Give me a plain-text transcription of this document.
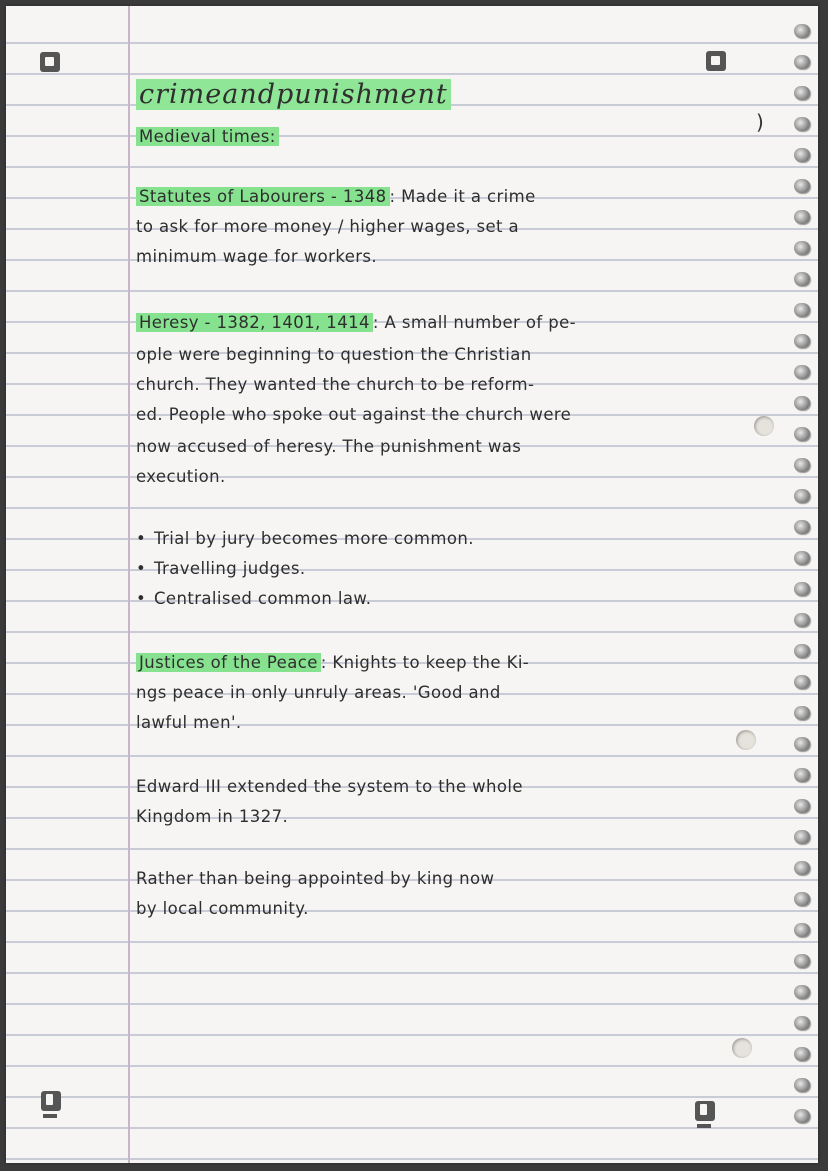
crimeandpunishment
)
Medieval times:
Statutes of Labourers - 1348 : Made it a crime
to ask for more money / higher wages, set a
minimum wage for workers.
Heresy - 1382, 1401, 1414 : A small number of pe-
ople were beginning to question the Christian
church. They wanted the church to be reform-
ed. People who spoke out against the church were
now accused of heresy. The punishment was
execution.
• Trial by jury becomes more common.
• Travelling judges.
• Centralised common law.
Justices of the Peace : Knights to keep the Ki-
ngs peace in only unruly areas. 'Good and
lawful men'.
Edward III extended the system to the whole
Kingdom in 1327.
Rather than being appointed by king now
by local community.
